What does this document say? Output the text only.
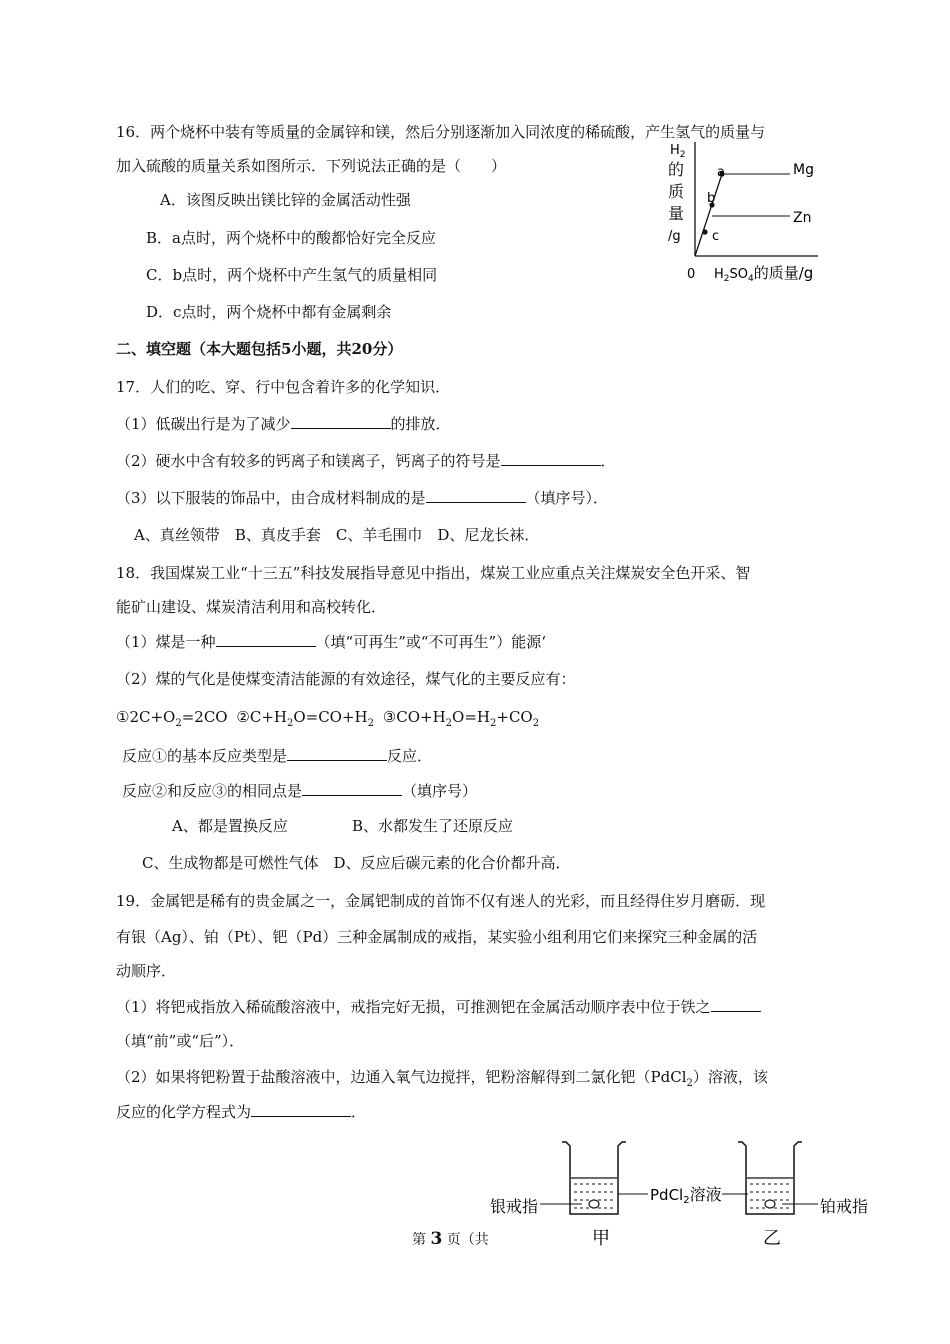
16．两个烧杯中装有等质量的金属锌和镁，然后分别逐渐加入同浓度的稀硫酸，产生氢气的质量与
加入硫酸的质量关系如图所示．下列说法正确的是（　　）
A．该图反映出镁比锌的金属活动性强
B．a点时，两个烧杯中的酸都恰好完全反应
C．b点时，两个烧杯中产生氢气的质量相同
D．c点时，两个烧杯中都有金属剩余
a
b
c
Mg
Zn
$H_2$
的
质
量
/g
0 $H_2SO_4$的质量/g
二、填空题（本大题包括5小题，共20分）
17．人们的吃、穿、行中包含着许多的化学知识．
（1）低碳出行是为了减少	的排放．
（2）硬水中含有较多的钙离子和镁离子，钙离子的符号是	．
（3）以下服装的饰品中，由合成材料制成的是	（填序号）．
A、真丝领带　B、真皮手套　C、羊毛围巾　D、尼龙长袜．
18．我国煤炭工业“十三五”科技发展指导意见中指出，煤炭工业应重点关注煤炭安全色开采、智
能矿山建设、煤炭清洁利用和高校转化．
（1）煤是一种	（填“可再生”或“不可再生”）能源‘
（2）煤的气化是使煤变清洁能源的有效途径，煤气化的主要反应有：
$①2C+O_2=2CO$ $②C+H_2O=CO+H_2$ $③CO+H_2O=H_2+CO_2$
反应①的基本反应类型是	反应．
反应②和反应③的相同点是	（填序号）
A、都是置换反应	B、水都发生了还原反应
C、生成物都是可燃性气体　D、反应后碳元素的化合价都升高．
19．金属钯是稀有的贵金属之一，金属钯制成的首饰不仅有迷人的光彩，而且经得住岁月磨砺．现
有银（Ag）、铂（Pt）、钯（Pd）三种金属制成的戒指，某实验小组利用它们来探究三种金属的活
动顺序．
（1）将钯戒指放入稀硫酸溶液中，戒指完好无损，可推测钯在金属活动顺序表中位于铁之
（填“前”或“后”）．
（2）如果将钯粉置于盐酸溶液中，边通入氧气边搅拌，钯粉溶解得到二氯化钯（PdCl$_2$）溶液，该
反应的化学方程式为	．
银戒指
PdCl$_2$溶液
铂戒指
甲	乙
第 3 页（共
